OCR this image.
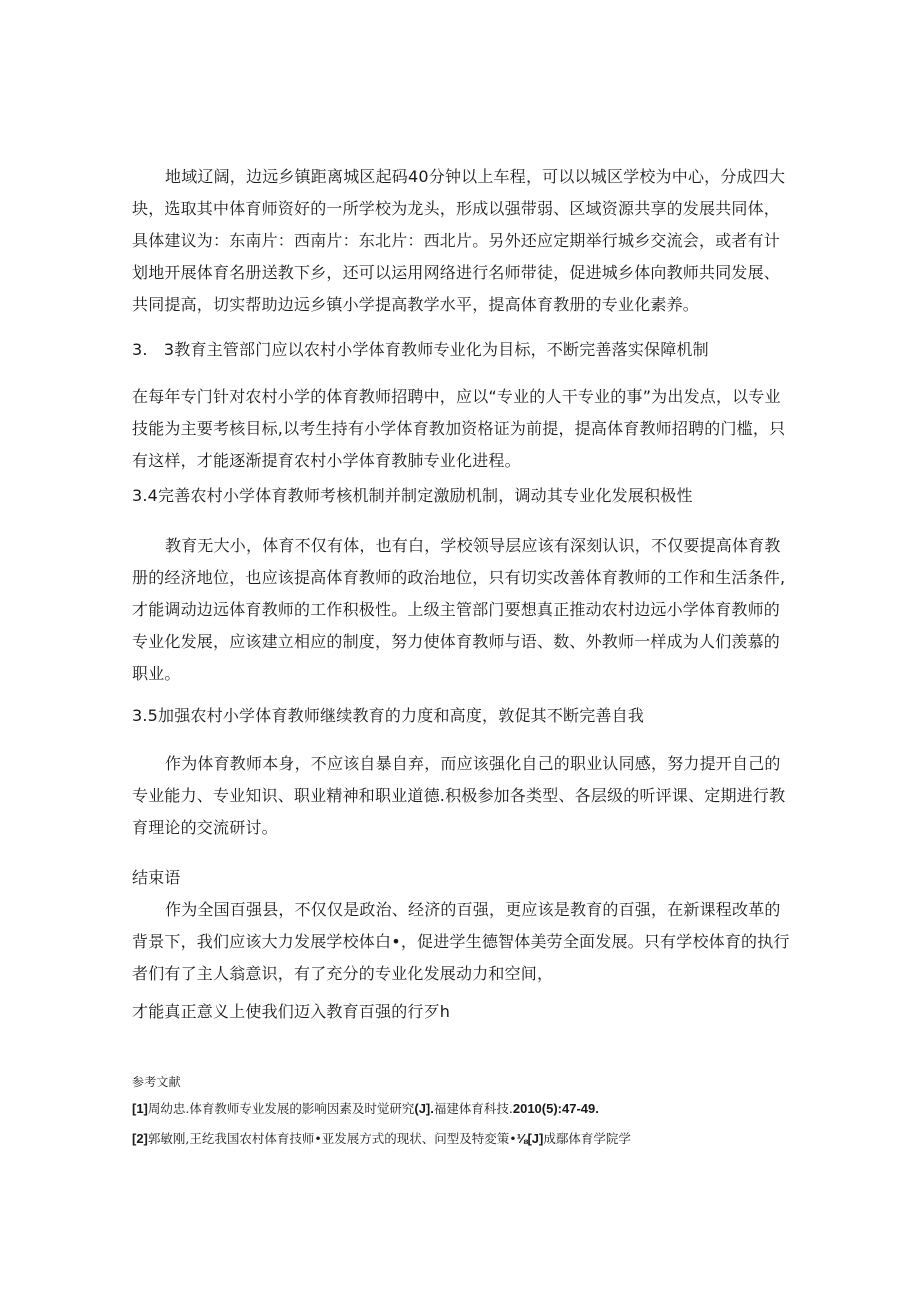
地域辽阔，边远乡镇距离城区起码40分钟以上车程，可以以城区学校为中心，分成四大块，选取其中体育师资好的一所学校为龙头，形成以强带弱、区域资源共享的发展共同体，具体建议为：东南片：西南片：东北片：西北片。另外还应定期举行城乡交流会，或者有计划地开展体育名册送教下乡，还可以运用网络进行名师带徒，促进城乡体向教师共同发展、共同提高，切实帮助边远乡镇小学提高教学水平，提高体育教册的专业化素养。
3.　3教育主管部门应以农村小学体育教师专业化为目标，不断完善落实保障机制
在每年专门针对农村小学的体育教师招聘中，应以“专业的人干专业的事”为出发点，以专业技能为主要考核目标,以考生持有小学体育教加资格证为前提，提高体育教师招聘的门槛，只有这样，才能逐渐提育农村小学体育教肺专业化进程。
3.4完善农村小学体育教师考核机制并制定激励机制，调动其专业化发展积极性
教育无大小，体育不仅有体，也有白，学校领导层应该有深刻认识，不仅要提高体育教册的经济地位，也应该提高体育教师的政治地位，只有切实改善体育教师的工作和生活条件,才能调动边远体育教师的工作积极性。上级主管部门要想真正推动农村边远小学体育教师的专业化发展，应该建立相应的制度，努力使体育教师与语、数、外教师一样成为人们羡慕的职业。
3.5加强农村小学体育教师继续教育的力度和高度，敦促其不断完善自我
作为体育教师本身，不应该自暴自弃，而应该强化自己的职业认同感，努力提开自己的专业能力、专业知识、职业精神和职业道德.积极参加各类型、各层级的听评课、定期进行教育理论的交流研讨。
结束语
作为全国百强县，不仅仅是政治、经济的百强，更应该是教育的百强，在新课程改革的背景下，我们应该大力发展学校体白•，促进学生德智体美劳全面发展。只有学校体育的执行者们有了主人翁意识，有了充分的专业化发展动力和空间，
才能真正意义上使我们迈入教育百强的行歹h
参考文献
[1]周幼忠.体育教师专业发展的影响因素及时觉研究(J].福建体育科技.2010(5):47-49.
[2]郭敏刚,王纥我国农村体育技师•亚发展方式的现状、问型及特変策•⅛[J]成鄢体育学院学
